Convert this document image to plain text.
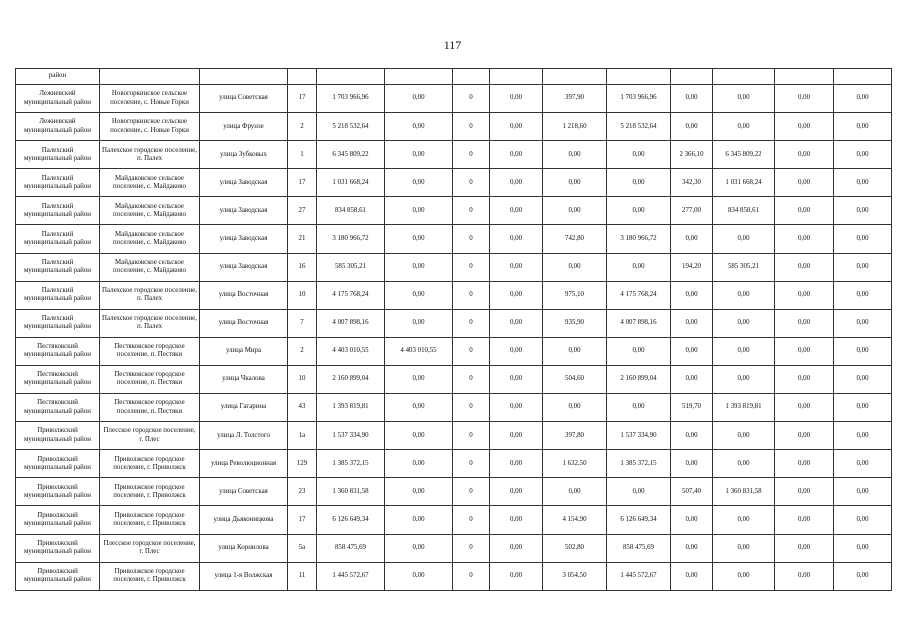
117
район													
Лежневский муниципальный район	Новогоркинское сельское поселение, с. Новые Горки	улица Советская	17	1 703 966,96	0,00	0	0,00	397,90	1 703 966,96	0,00	0,00	0,00	0,00
Лежневский муниципальный район	Новогоркинское сельское поселение, с. Новые Горки	улица Фрунзе	2	5 218 532,64	0,00	0	0,00	1 218,60	5 218 532,64	0,00	0,00	0,00	0,00
Палехский муниципальный район	Палехское городское поселение, п. Палех	улица Зубковых	1	6 345 809,22	0,00	0	0,00	0,00	0,00	2 366,10	6 345 809,22	0,00	0,00
Палехский муниципальный район	Майдаковское сельское поселение, с. Майдаково	улица Заводская	17	1 031 668,24	0,00	0	0,00	0,00	0,00	342,30	1 031 668,24	0,00	0,00
Палехский муниципальный район	Майдаковское сельское поселение, с. Майдаково	улица Заводская	27	834 858,61	0,00	0	0,00	0,00	0,00	277,00	834 858,61	0,00	0,00
Палехский муниципальный район	Майдаковское сельское поселение, с. Майдаково	улица Заводская	21	3 180 966,72	0,00	0	0,00	742,80	3 180 966,72	0,00	0,00	0,00	0,00
Палехский муниципальный район	Майдаковское сельское поселение, с. Майдаково	улица Заводская	16	585 305,21	0,00	0	0,00	0,00	0,00	194,20	585 305,21	0,00	0,00
Палехский муниципальный район	Палехское городское поселение, п. Палех	улица Восточная	10	4 175 768,24	0,00	0	0,00	975,10	4 175 768,24	0,00	0,00	0,00	0,00
Палехский муниципальный район	Палехское городское поселение, п. Палех	улица Восточная	7	4 007 898,16	0,00	0	0,00	935,90	4 007 898,16	0,00	0,00	0,00	0,00
Пестяковский муниципальный район	Пестяковское городское поселение, п. Пестяки	улица Мира	2	4 403 010,55	4 403 010,55	0	0,00	0,00	0,00	0,00	0,00	0,00	0,00
Пестяковский муниципальный район	Пестяковское городское поселение, п. Пестяки	улица Чкалова	10	2 160 899,04	0,00	0	0,00	504,60	2 160 899,04	0,00	0,00	0,00	0,00
Пестяковский муниципальный район	Пестяковское городское поселение, п. Пестяки	улица Гагарина	43	1 393 819,81	0,00	0	0,00	0,00	0,00	519,70	1 393 819,81	0,00	0,00
Приволжский муниципальный район	Плесское городское поселение, г. Плес	улица Л. Толстого	1а	1 537 334,90	0,00	0	0,00	397,80	1 537 334,90	0,00	0,00	0,00	0,00
Приволжский муниципальный район	Приволжское городское поселение, г. Приволжск	улица Революционная	129	1 385 372,15	0,00	0	0,00	1 632,50	1 385 372,15	0,00	0,00	0,00	0,00
Приволжский муниципальный район	Приволжское городское поселение, г. Приволжск	улица Советская	23	1 360 831,58	0,00	0	0,00	0,00	0,00	507,40	1 360 831,58	0,00	0,00
Приволжский муниципальный район	Приволжское городское поселение, г. Приволжск	улица Дьяконицкова	17	6 126 649,34	0,00	0	0,00	4 154,90	6 126 649,34	0,00	0,00	0,00	0,00
Приволжский муниципальный район	Плесское городское поселение, г. Плес	улица Корнилова	5а	858 475,69	0,00	0	0,00	502,80	858 475,69	0,00	0,00	0,00	0,00
Приволжский муниципальный район	Приволжское городское поселение, г. Приволжск	улица 1-я Волжская	11	1 445 572,67	0,00	0	0,00	3 054,50	1 445 572,67	0,00	0,00	0,00	0,00
